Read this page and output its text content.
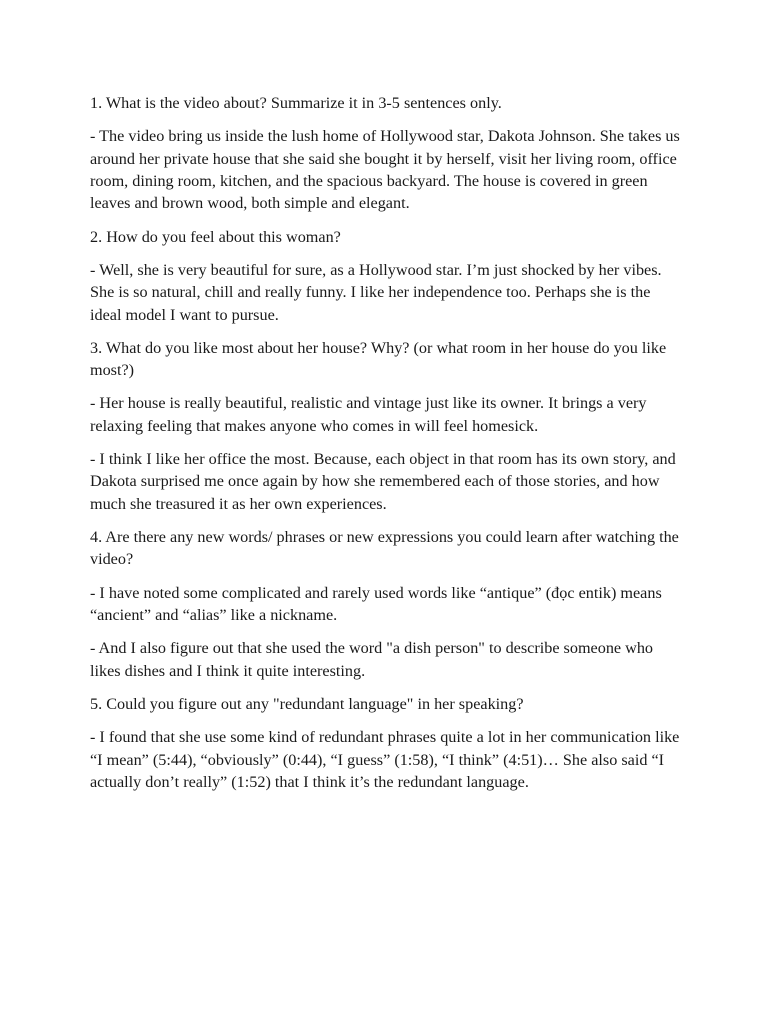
1. What is the video about? Summarize it in 3-5 sentences only.

- The video bring us inside the lush home of Hollywood star, Dakota Johnson. She takes us around her private house that she said she bought it by herself, visit her living room, office room, dining room, kitchen, and the spacious backyard. The house is covered in green leaves and brown wood, both simple and elegant.

2. How do you feel about this woman?

- Well, she is very beautiful for sure, as a Hollywood star. I’m just shocked by her vibes. She is so natural, chill and really funny. I like her independence too. Perhaps she is the ideal model I want to pursue.

3. What do you like most about her house? Why? (or what room in her house do you like most?)

- Her house is really beautiful, realistic and vintage just like its owner. It brings a very relaxing feeling that makes anyone who comes in will feel homesick.

- I think I like her office the most. Because, each object in that room has its own story, and Dakota surprised me once again by how she remembered each of those stories, and how much she treasured it as her own experiences.

4. Are there any new words/ phrases or new expressions you could learn after watching the video?

- I have noted some complicated and rarely used words like “antique” (đọc entik) means “ancient” and “alias” like a nickname.

- And I also figure out that she used the word "a dish person" to describe someone who likes dishes and I think it quite interesting.

5. Could you figure out any "redundant language" in her speaking?

- I found that she use some kind of redundant phrases quite a lot in her communication like “I mean” (5:44), “obviously” (0:44), “I guess” (1:58), “I think” (4:51)… She also said “I actually don’t really” (1:52) that I think it’s the redundant language.
